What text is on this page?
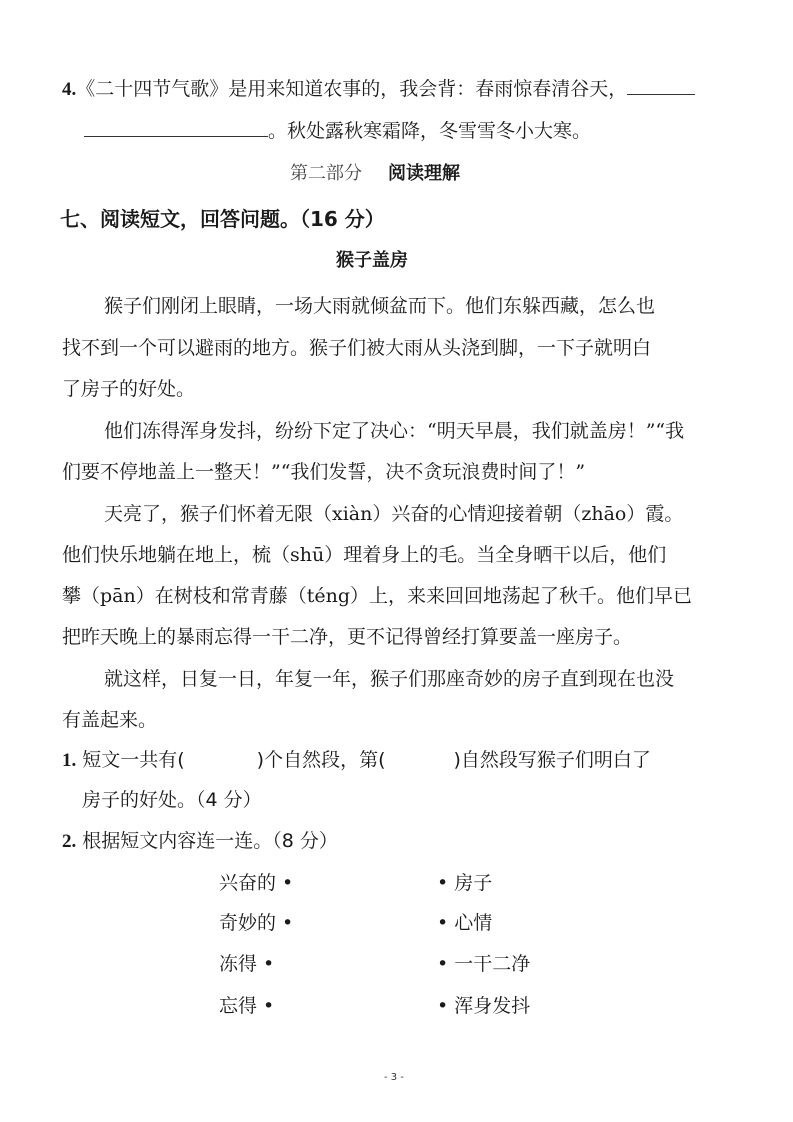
4.《二十四节气歌》是用来知道农事的，我会背：春雨惊春清谷天，
。秋处露秋寒霜降，冬雪雪冬小大寒。
第二部分 阅读理解
七、阅读短文，回答问题。（16 分）
猴子盖房
猴子们刚闭上眼睛，一场大雨就倾盆而下。他们东躲西藏，怎么也
找不到一个可以避雨的地方。猴子们被大雨从头浇到脚，一下子就明白
了房子的好处。
他们冻得浑身发抖，纷纷下定了决心：“明天早晨，我们就盖房！”“我
们要不停地盖上一整天！”“我们发誓，决不贪玩浪费时间了！”
天亮了，猴子们怀着无限（xiàn）兴奋的心情迎接着朝（zhāo）霞。
他们快乐地躺在地上，梳（shū）理着身上的毛。当全身晒干以后，他们
攀（pān）在树枝和常青藤（téng）上，来来回回地荡起了秋千。他们早已
把昨天晚上的暴雨忘得一干二净，更不记得曾经打算要盖一座房子。
就这样，日复一日，年复一年，猴子们那座奇妙的房子直到现在也没
有盖起来。
1. 短文一共有(	)个自然段，第(	)自然段写猴子们明白了
房子的好处。（4 分）
2. 根据短文内容连一连。（8 分）
兴奋的 •
奇妙的 •
冻得 •
忘得 •
• 房子
• 心情
• 一干二净
• 浑身发抖
- 3 -
